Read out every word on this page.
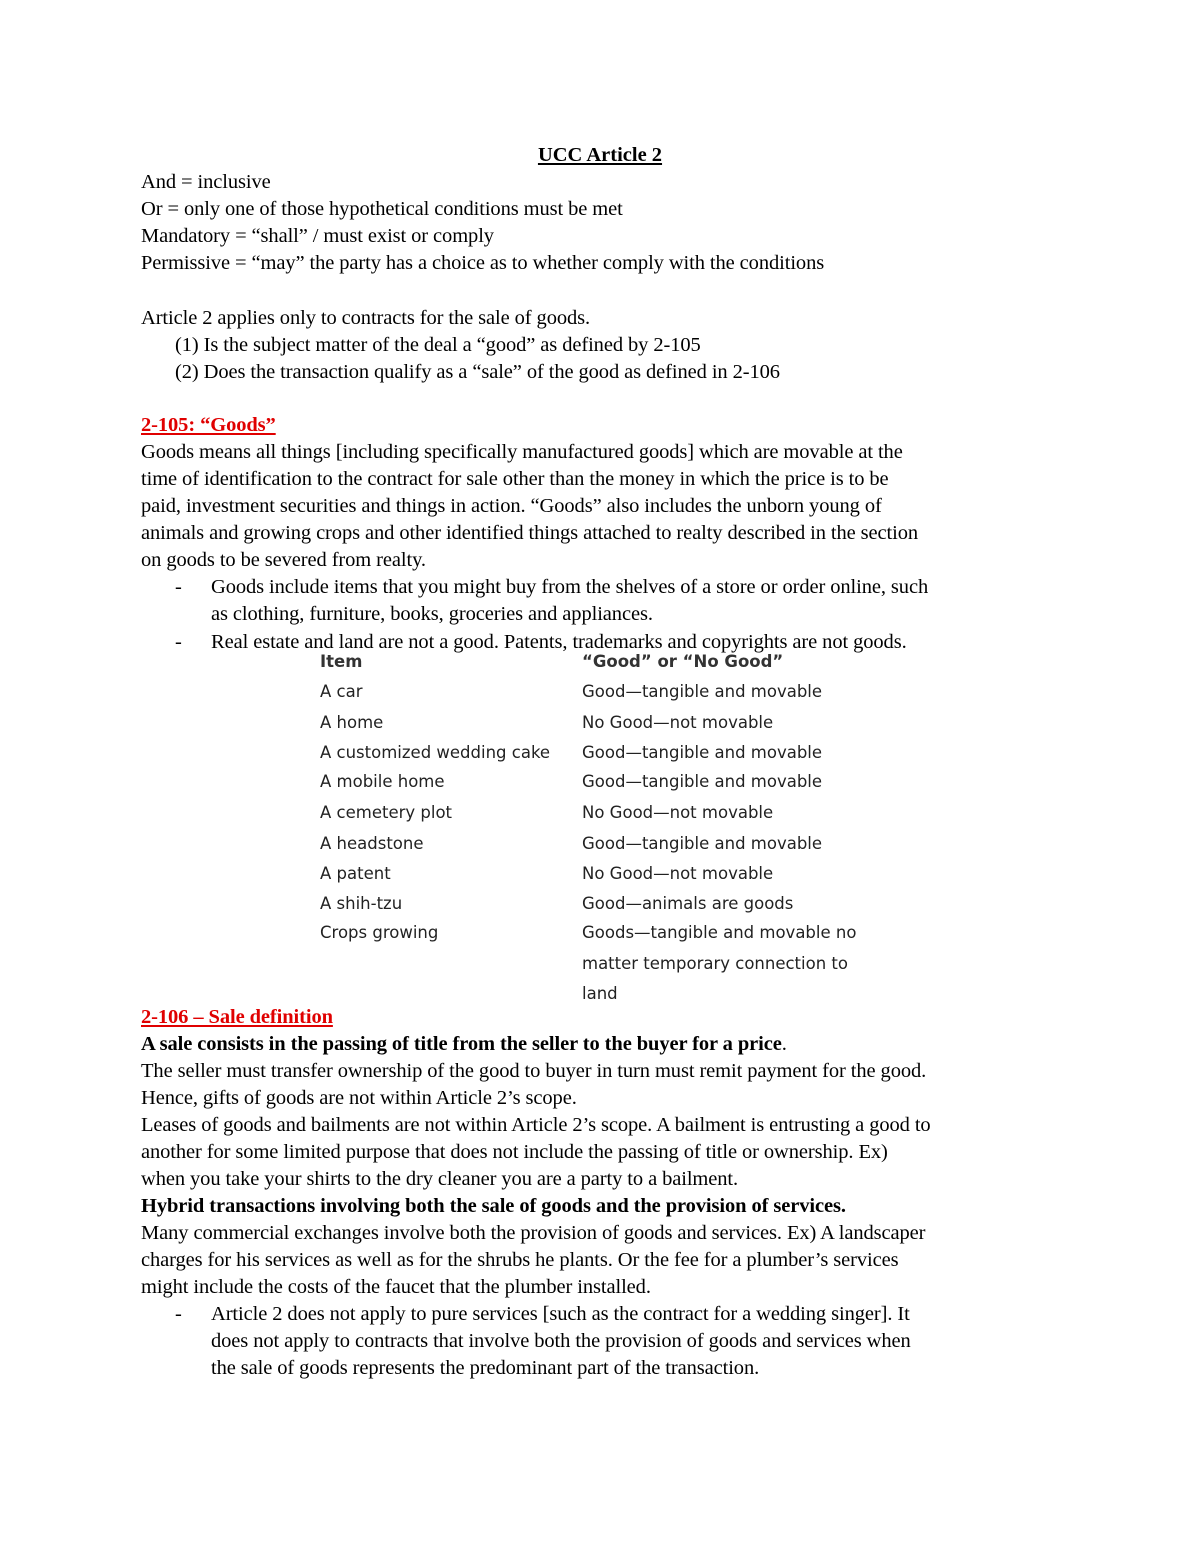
UCC Article 2
And = inclusive
Or = only one of those hypothetical conditions must be met
Mandatory = “shall” / must exist or comply
Permissive = “may” the party has a choice as to whether comply with the conditions
Article 2 applies only to contracts for the sale of goods.
(1) Is the subject matter of the deal a “good” as defined by 2-105
(2) Does the transaction qualify as a “sale” of the good as defined in 2-106
2-105: “Goods”
Goods means all things [including specifically manufactured goods] which are movable at the
time of identification to the contract for sale other than the money in which the price is to be
paid, investment securities and things in action. “Goods” also includes the unborn young of
animals and growing crops and other identified things attached to realty described in the section
on goods to be severed from realty.
- Goods include items that you might buy from the shelves of a store or order online, such
as clothing, furniture, books, groceries and appliances.
- Real estate and land are not a good. Patents, trademarks and copyrights are not goods.
Item	“Good” or “No Good”
A car	Good—tangible and movable
A home	No Good—not movable
A customized wedding cake Good—tangible and movable
A mobile home	Good—tangible and movable
A cemetery plot	No Good—not movable
A headstone	Good—tangible and movable
A patent	No Good—not movable
A shih-tzu	Good—animals are goods
Crops growing	Goods—tangible and movable no
matter temporary connection to
land
2-106 – Sale definition
A sale consists in the passing of title from the seller to the buyer for a price.
The seller must transfer ownership of the good to buyer in turn must remit payment for the good.
Hence, gifts of goods are not within Article 2’s scope.
Leases of goods and bailments are not within Article 2’s scope. A bailment is entrusting a good to
another for some limited purpose that does not include the passing of title or ownership. Ex)
when you take your shirts to the dry cleaner you are a party to a bailment.
Hybrid transactions involving both the sale of goods and the provision of services.
Many commercial exchanges involve both the provision of goods and services. Ex) A landscaper
charges for his services as well as for the shrubs he plants. Or the fee for a plumber’s services
might include the costs of the faucet that the plumber installed.
- Article 2 does not apply to pure services [such as the contract for a wedding singer]. It
does not apply to contracts that involve both the provision of goods and services when
the sale of goods represents the predominant part of the transaction.
